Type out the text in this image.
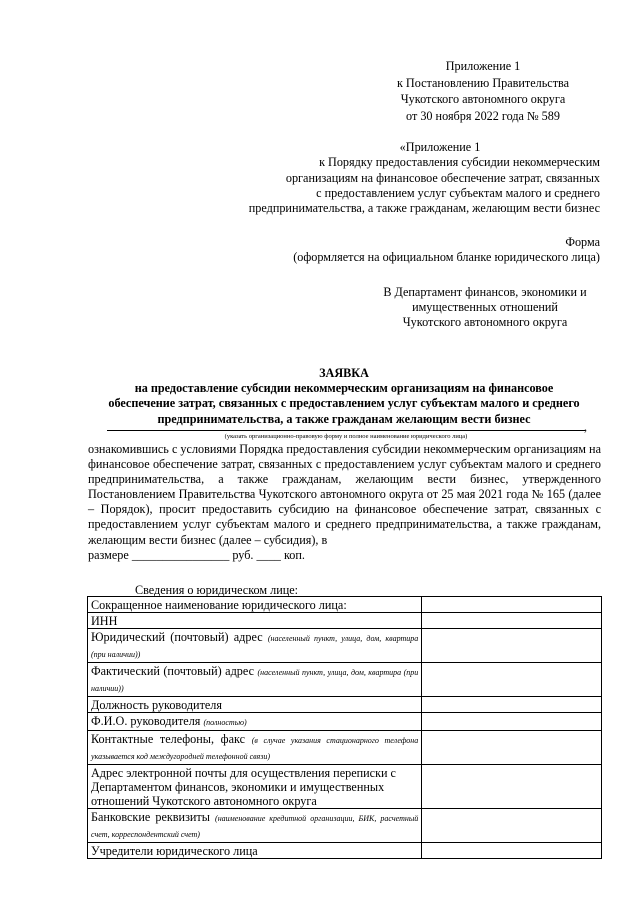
Приложение 1
к Постановлению Правительства
Чукотского автономного округа
от 30 ноября 2022 года № 589
«Приложение 1
к Порядку предоставления субсидии некоммерческим
организациям на финансовое обеспечение затрат, связанных
с предоставлением услуг субъектам малого и среднего
предпринимательства, а также гражданам, желающим вести бизнес
Форма
(оформляется на официальном бланке юридического лица)
В Департамент финансов, экономики и
имущественных отношений
Чукотского автономного округа
ЗАЯВКА
на предоставление субсидии некоммерческим организациям на финансовое
обеспечение затрат, связанных с предоставлением услуг субъектам малого и среднего
предпринимательства, а также гражданам желающим вести бизнес
,
(указать организационно-правовую форму и полное наименование юридического лица)
ознакомившись с условиями Порядка предоставления субсидии некоммерческим организациям на финансовое обеспечение затрат, связанных с предоставлением услуг субъектам малого и среднего предпринимательства, а также гражданам, желающим вести бизнес, утвержденного Постановлением Правительства Чукотского автономного округа от 25 мая 2021 года № 165 (далее – Порядок), просит предоставить субсидию на финансовое обеспечение затрат, связанных с предоставлением услуг субъектам малого и среднего предпринимательства, а также гражданам, желающим вести бизнес (далее – субсидия), в
размере ________________ руб. ____ коп.
Сведения о юридическом лице:
Сокращенное наименование юридического лица:	
ИНН	
Юридический (почтовый) адрес (населенный пункт, улица, дом, квартира (при наличии))	
Фактический (почтовый) адрес (населенный пункт, улица, дом, квартира (при наличии))	
Должность руководителя	
Ф.И.О. руководителя (полностью)	
Контактные телефоны, факс (в случае указания стационарного телефона указывается код междугородней телефонной связи)	
Адрес электронной почты для осуществления переписки с Департаментом финансов, экономики и имущественных отношений Чукотского автономного округа	
Банковские реквизиты (наименование кредитной организации, БИК, расчетный счет, корреспондентский счет)	
Учредители юридического лица	
